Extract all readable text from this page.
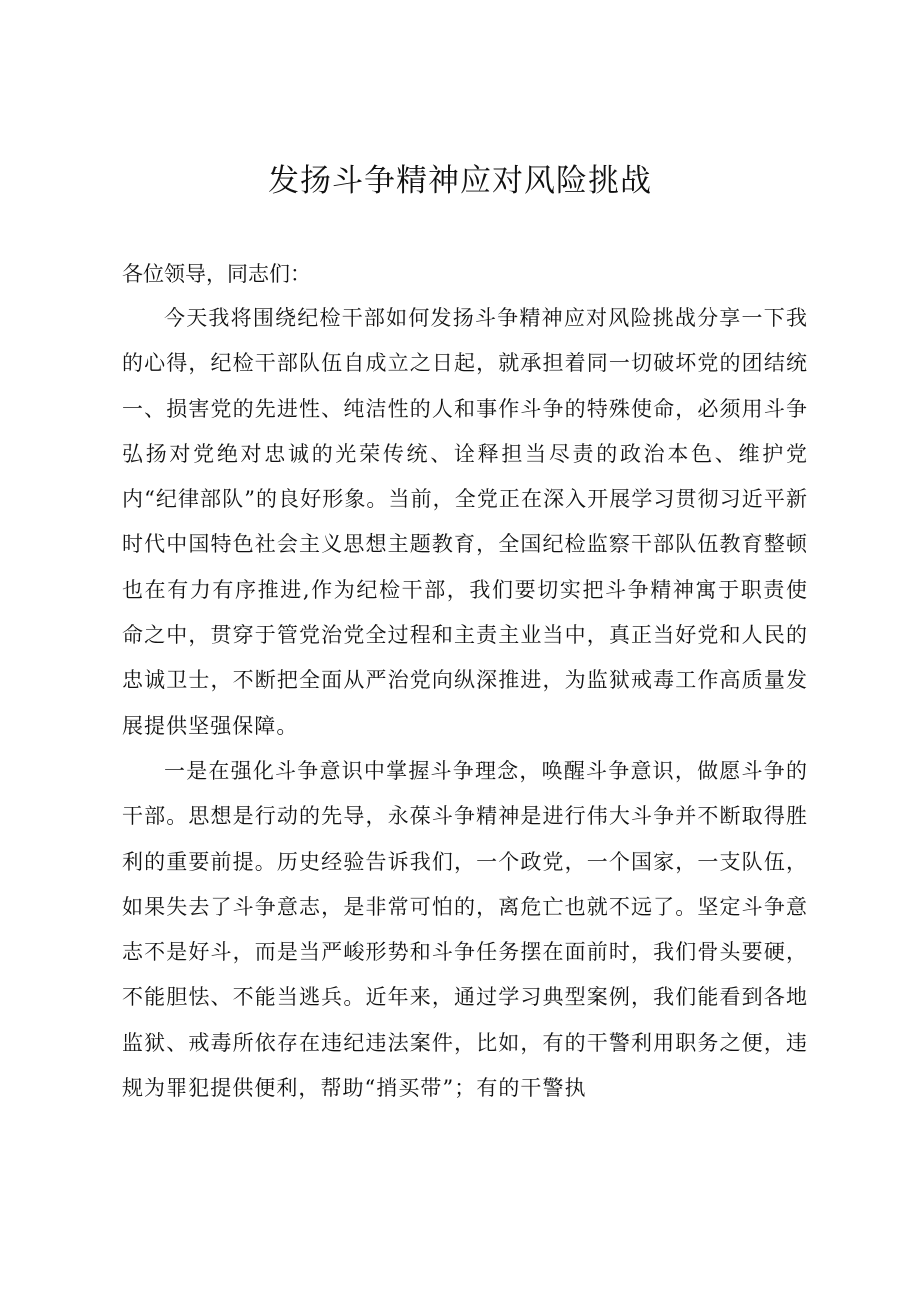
发扬斗争精神应对风险挑战

各位领导，同志们：

今天我将围绕纪检干部如何发扬斗争精神应对风险挑战分享一下我的心得，纪检干部队伍自成立之日起，就承担着同一切破坏党的团结统一、损害党的先进性、纯洁性的人和事作斗争的特殊使命，必须用斗争弘扬对党绝对忠诚的光荣传统、诠释担当尽责的政治本色、维护党内“纪律部队”的良好形象。当前，全党正在深入开展学习贯彻习近平新时代中国特色社会主义思想主题教育，全国纪检监察干部队伍教育整顿也在有力有序推进,作为纪检干部，我们要切实把斗争精神寓于职责使命之中，贯穿于管党治党全过程和主责主业当中，真正当好党和人民的忠诚卫士，不断把全面从严治党向纵深推进，为监狱戒毒工作高质量发展提供坚强保障。

一是在强化斗争意识中掌握斗争理念，唤醒斗争意识，做愿斗争的干部。思想是行动的先导，永葆斗争精神是进行伟大斗争并不断取得胜利的重要前提。历史经验告诉我们，一个政党，一个国家，一支队伍，如果失去了斗争意志，是非常可怕的，离危亡也就不远了。坚定斗争意志不是好斗，而是当严峻形势和斗争任务摆在面前时，我们骨头要硬，不能胆怯、不能当逃兵。近年来，通过学习典型案例，我们能看到各地监狱、戒毒所依存在违纪违法案件，比如，有的干警利用职务之便，违规为罪犯提供便利，帮助“捎买带”；有的干警执
